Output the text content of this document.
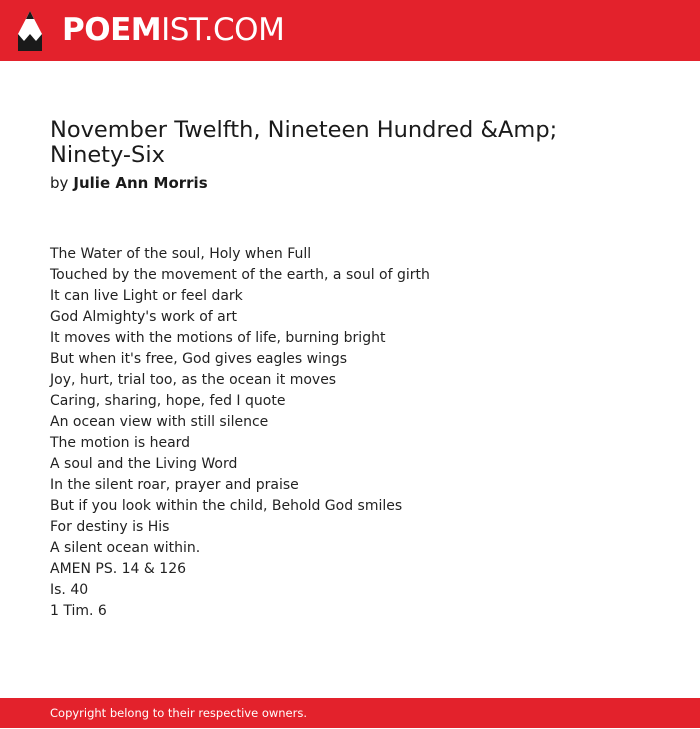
POEMIST.COM
November Twelfth, Nineteen Hundred &Amp; Ninety-Six
by Julie Ann Morris
The Water of the soul, Holy when Full
Touched by the movement of the earth, a soul of girth
It can live Light or feel dark
God Almighty's work of art
It moves with the motions of life, burning bright
But when it's free, God gives eagles wings
Joy, hurt, trial too, as the ocean it moves
Caring, sharing, hope, fed I quote
An ocean view with still silence
The motion is heard
A soul and the Living Word
In the silent roar, prayer and praise
But if you look within the child, Behold God smiles
For destiny is His
A silent ocean within.
AMEN PS. 14 & 126
Is. 40
1 Tim. 6
Copyright belong to their respective owners.
